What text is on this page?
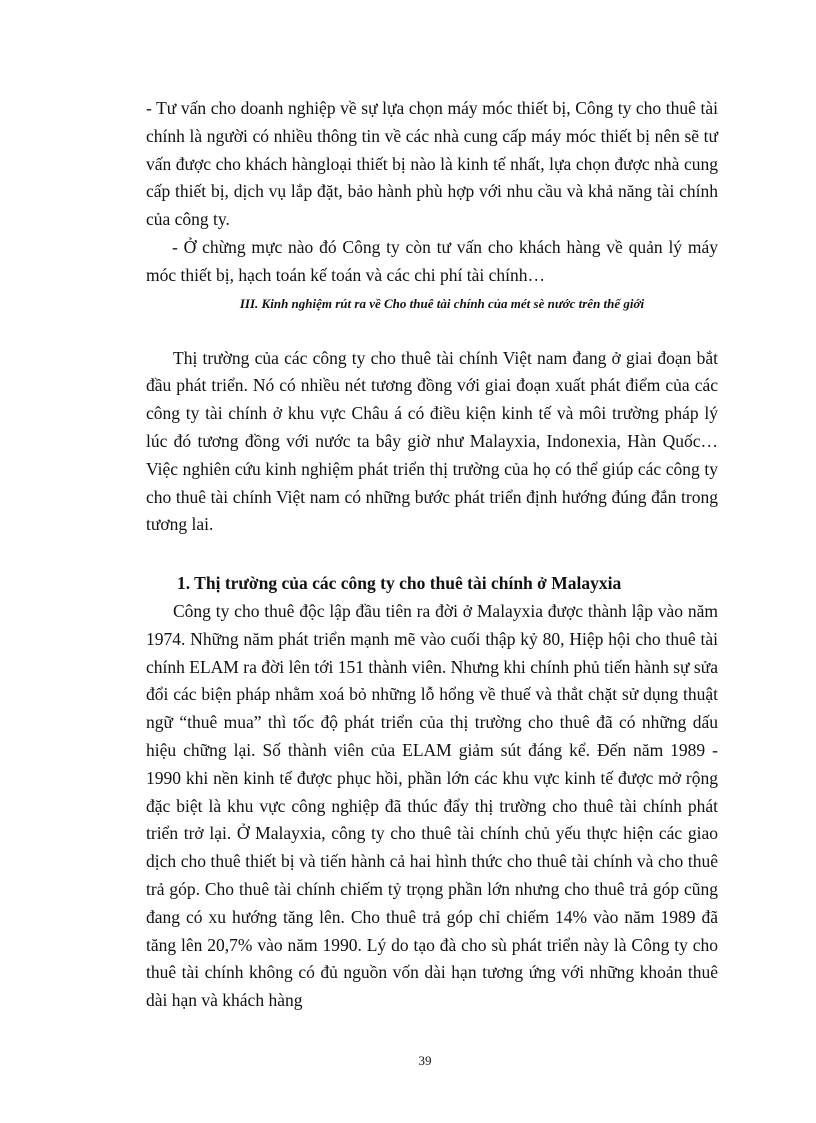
- Tư vấn cho doanh nghiệp về sự lựa chọn máy móc thiết bị, Công ty cho thuê tài chính là người có nhiều thông tin về các nhà cung cấp máy móc thiết bị nên sẽ tư vấn được cho khách hàngloại thiết bị nào là kinh tế nhất, lựa chọn được nhà cung cấp thiết bị, dịch vụ lắp đặt, bảo hành phù hợp với nhu cầu và khả năng tài chính của công ty.

- Ở chừng mực nào đó Công ty còn tư vấn cho khách hàng về quản lý máy móc thiết bị, hạch toán kế toán và các chi phí tài chính…

III. Kinh nghiệm rút ra về Cho thuê tài chính của mét sè nước trên thế giới

Thị trường của các công ty cho thuê tài chính Việt nam đang ở giai đoạn bắt đầu phát triển. Nó có nhiều nét tương đồng với giai đoạn xuất phát điểm của các công ty tài chính ở khu vực Châu á có điều kiện kinh tế và môi trường pháp lý lúc đó tương đồng với nước ta bây giờ như Malayxia, Indonexia, Hàn Quốc…Việc nghiên cứu kinh nghiệm phát triển thị trường của họ có thể giúp các công ty cho thuê tài chính Việt nam có những bước phát triển định hướng đúng đắn trong tương lai.

1. Thị trường của các công ty cho thuê tài chính ở Malayxia

Công ty cho thuê độc lập đầu tiên ra đời ở Malayxia được thành lập vào năm 1974. Những năm phát triển mạnh mẽ vào cuối thập kỷ 80, Hiệp hội cho thuê tài chính ELAM ra đời lên tới 151 thành viên. Nhưng khi chính phủ tiến hành sự sửa đổi các biện pháp nhằm xoá bỏ những lỗ hổng về thuế và thắt chặt sử dụng thuật ngữ “thuê mua” thì tốc độ phát triển của thị trường cho thuê đã có những dấu hiệu chững lại. Số thành viên của ELAM giảm sút đáng kể. Đến năm 1989 - 1990 khi nền kinh tế được phục hồi, phần lớn các khu vực kinh tế được mở rộng đặc biệt là khu vực công nghiệp đã thúc đẩy thị trường cho thuê tài chính phát triển trở lại. Ở Malayxia, công ty cho thuê tài chính chủ yếu thực hiện các giao dịch cho thuê thiết bị và tiến hành cả hai hình thức cho thuê tài chính và cho thuê trả góp. Cho thuê tài chính chiếm tỷ trọng phần lớn nhưng cho thuê trả góp cũng đang có xu hướng tăng lên. Cho thuê trả góp chỉ chiếm 14% vào năm 1989 đã tăng lên 20,7% vào năm 1990. Lý do tạo đà cho sù phát triển này là Công ty cho thuê tài chính không có đủ nguồn vốn dài hạn tương ứng với những khoản thuê dài hạn và khách hàng

39
